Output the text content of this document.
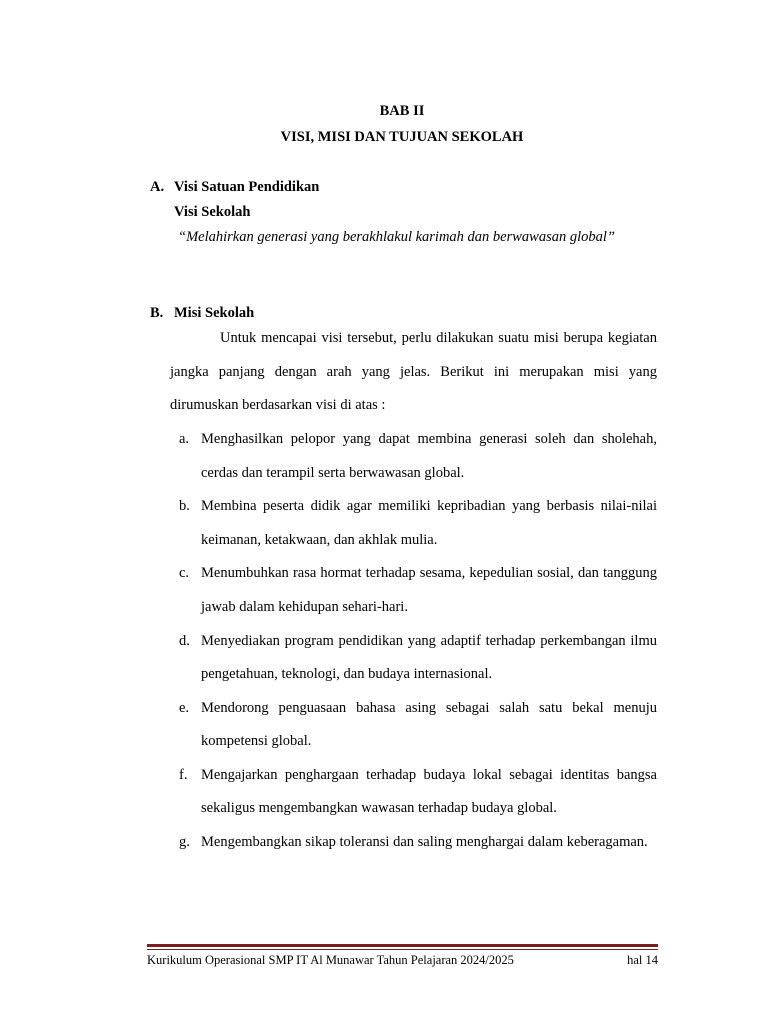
BAB II
VISI, MISI DAN TUJUAN SEKOLAH
A. Visi Satuan Pendidikan
Visi Sekolah
“Melahirkan generasi yang berakhlakul karimah dan berwawasan global”
B. Misi Sekolah

Untuk mencapai visi tersebut, perlu dilakukan suatu misi berupa kegiatan jangka panjang dengan arah yang jelas. Berikut ini merupakan misi yang dirumuskan berdasarkan visi di atas :

a. Menghasilkan pelopor yang dapat membina generasi soleh dan sholehah, cerdas dan terampil serta berwawasan global.
b. Membina peserta didik agar memiliki kepribadian yang berbasis nilai-nilai keimanan, ketakwaan, dan akhlak mulia.
c. Menumbuhkan rasa hormat terhadap sesama, kepedulian sosial, dan tanggung jawab dalam kehidupan sehari-hari.
d. Menyediakan program pendidikan yang adaptif terhadap perkembangan ilmu pengetahuan, teknologi, dan budaya internasional.
e. Mendorong penguasaan bahasa asing sebagai salah satu bekal menuju kompetensi global.
f. Mengajarkan penghargaan terhadap budaya lokal sebagai identitas bangsa sekaligus mengembangkan wawasan terhadap budaya global.
g. Mengembangkan sikap toleransi dan saling menghargai dalam keberagaman.
Kurikulum Operasional SMP IT Al Munawar Tahun Pelajaran 2024/2025	hal 14
